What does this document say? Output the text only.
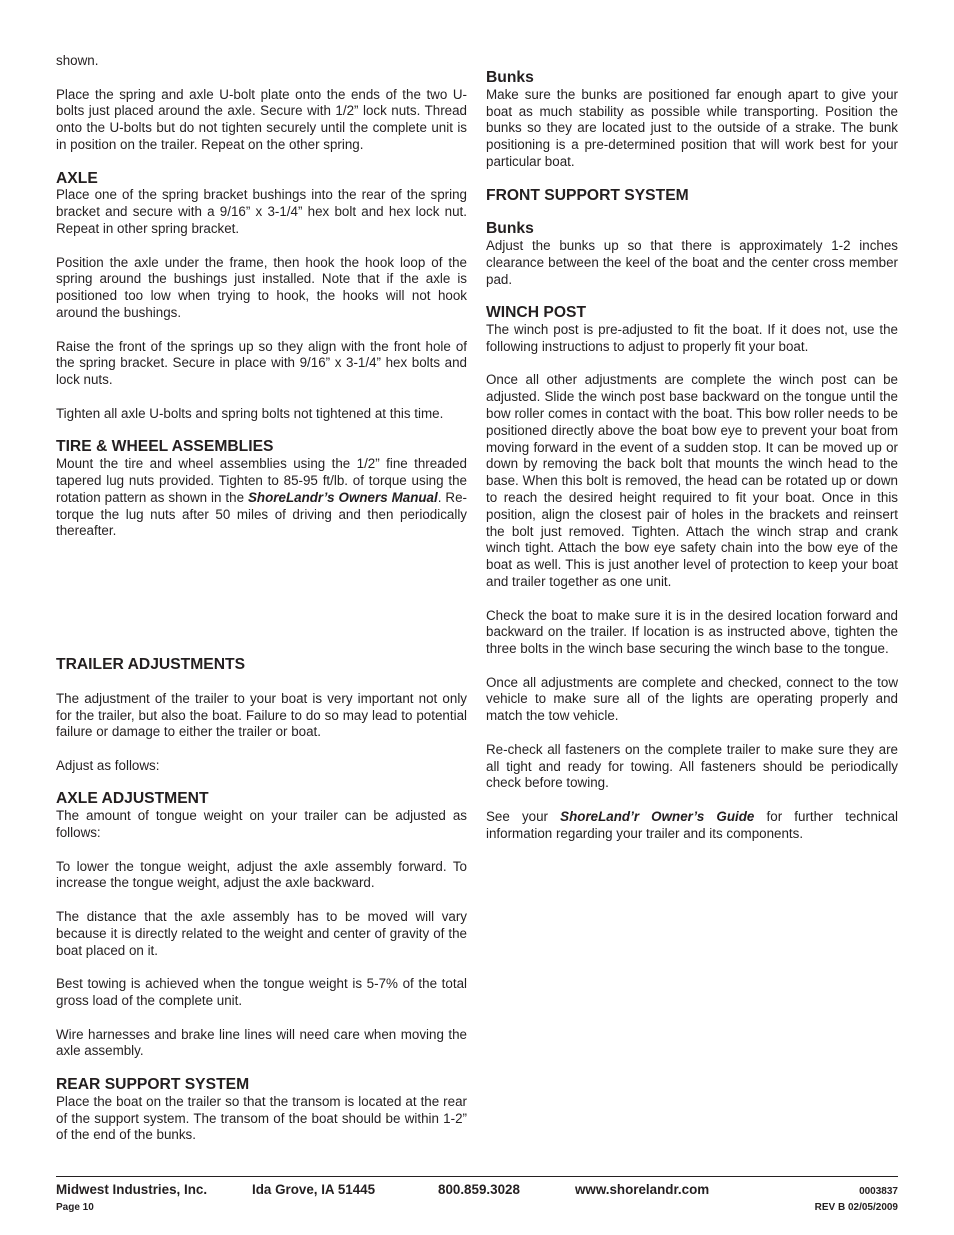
shown.

Place the spring and axle U-bolt plate onto the ends of the two U-bolts just placed around the axle. Secure with 1/2” lock nuts. Thread onto the U-bolts but do not tighten securely until the complete unit is in position on the trailer. Repeat on the other spring.

AXLE

Place one of the spring bracket bushings into the rear of the spring bracket and secure with a 9/16” x 3-1/4” hex bolt and hex lock nut. Repeat in other spring bracket.

Position the axle under the frame, then hook the hook loop of the spring around the bushings just installed. Note that if the axle is positioned too low when trying to hook, the hooks will not hook around the bushings.

Raise the front of the springs up so they align with the front hole of the spring bracket. Secure in place with 9/16” x 3-1/4” hex bolts and lock nuts.

Tighten all axle U-bolts and spring bolts not tightened at this time.

TIRE & WHEEL ASSEMBLIES

Mount the tire and wheel assemblies using the 1/2” fine threaded tapered lug nuts provided. Tighten to 85-95 ft/lb. of torque using the rotation pattern as shown in the ShoreLandr’s Owners Manual. Re-torque the lug nuts after 50 miles of driving and then periodically thereafter.

TRAILER ADJUSTMENTS

The adjustment of the trailer to your boat is very important not only for the trailer, but also the boat. Failure to do so may lead to potential failure or damage to either the trailer or boat.

Adjust as follows:

AXLE ADJUSTMENT

The amount of tongue weight on your trailer can be adjusted as follows:

To lower the tongue weight, adjust the axle assembly forward. To increase the tongue weight, adjust the axle backward.

The distance that the axle assembly has to be moved will vary because it is directly related to the weight and center of gravity of the boat placed on it.

Best towing is achieved when the tongue weight is 5-7% of the total gross load of the complete unit.

Wire harnesses and brake line lines will need care when moving the axle assembly.

REAR SUPPORT SYSTEM

Place the boat on the trailer so that the transom is located at the rear of the support system. The transom of the boat should be within 1-2” of the end of the bunks.

Bunks

Make sure the bunks are positioned far enough apart to give your boat as much stability as possible while transporting. Position the bunks so they are located just to the outside of a strake. The bunk positioning is a pre-determined position that will work best for your particular boat.

FRONT SUPPORT SYSTEM
Bunks

Adjust the bunks up so that there is approximately 1-2 inches clearance between the keel of the boat and the center cross member pad.

WINCH POST

The winch post is pre-adjusted to fit the boat. If it does not, use the following instructions to adjust to properly fit your boat.

Once all other adjustments are complete the winch post can be adjusted. Slide the winch post base backward on the tongue until the bow roller comes in contact with the boat. This bow roller needs to be positioned directly above the boat bow eye to prevent your boat from moving forward in the event of a sudden stop. It can be moved up or down by removing the back bolt that mounts the winch head to the base. When this bolt is removed, the head can be rotated up or down to reach the desired height required to fit your boat. Once in this position, align the closest pair of holes in the brackets and reinsert the bolt just removed. Tighten. Attach the winch strap and crank winch tight. Attach the bow eye safety chain into the bow eye of the boat as well. This is just another level of protection to keep your boat and trailer together as one unit.

Check the boat to make sure it is in the desired location forward and backward on the trailer. If location is as instructed above, tighten the three bolts in the winch base securing the winch base to the tongue.

Once all adjustments are complete and checked, connect to the tow vehicle to make sure all of the lights are operating properly and match the tow vehicle.

Re-check all fasteners on the complete trailer to make sure they are all tight and ready for towing. All fasteners should be periodically check before towing.

See your ShoreLand’r Owner’s Guide for further technical information regarding your trailer and its components.

Midwest Industries, Inc.	Ida Grove, IA 51445	800.859.3028	www.shorelandr.com	0003837
Page 10	REV B 02/05/2009
